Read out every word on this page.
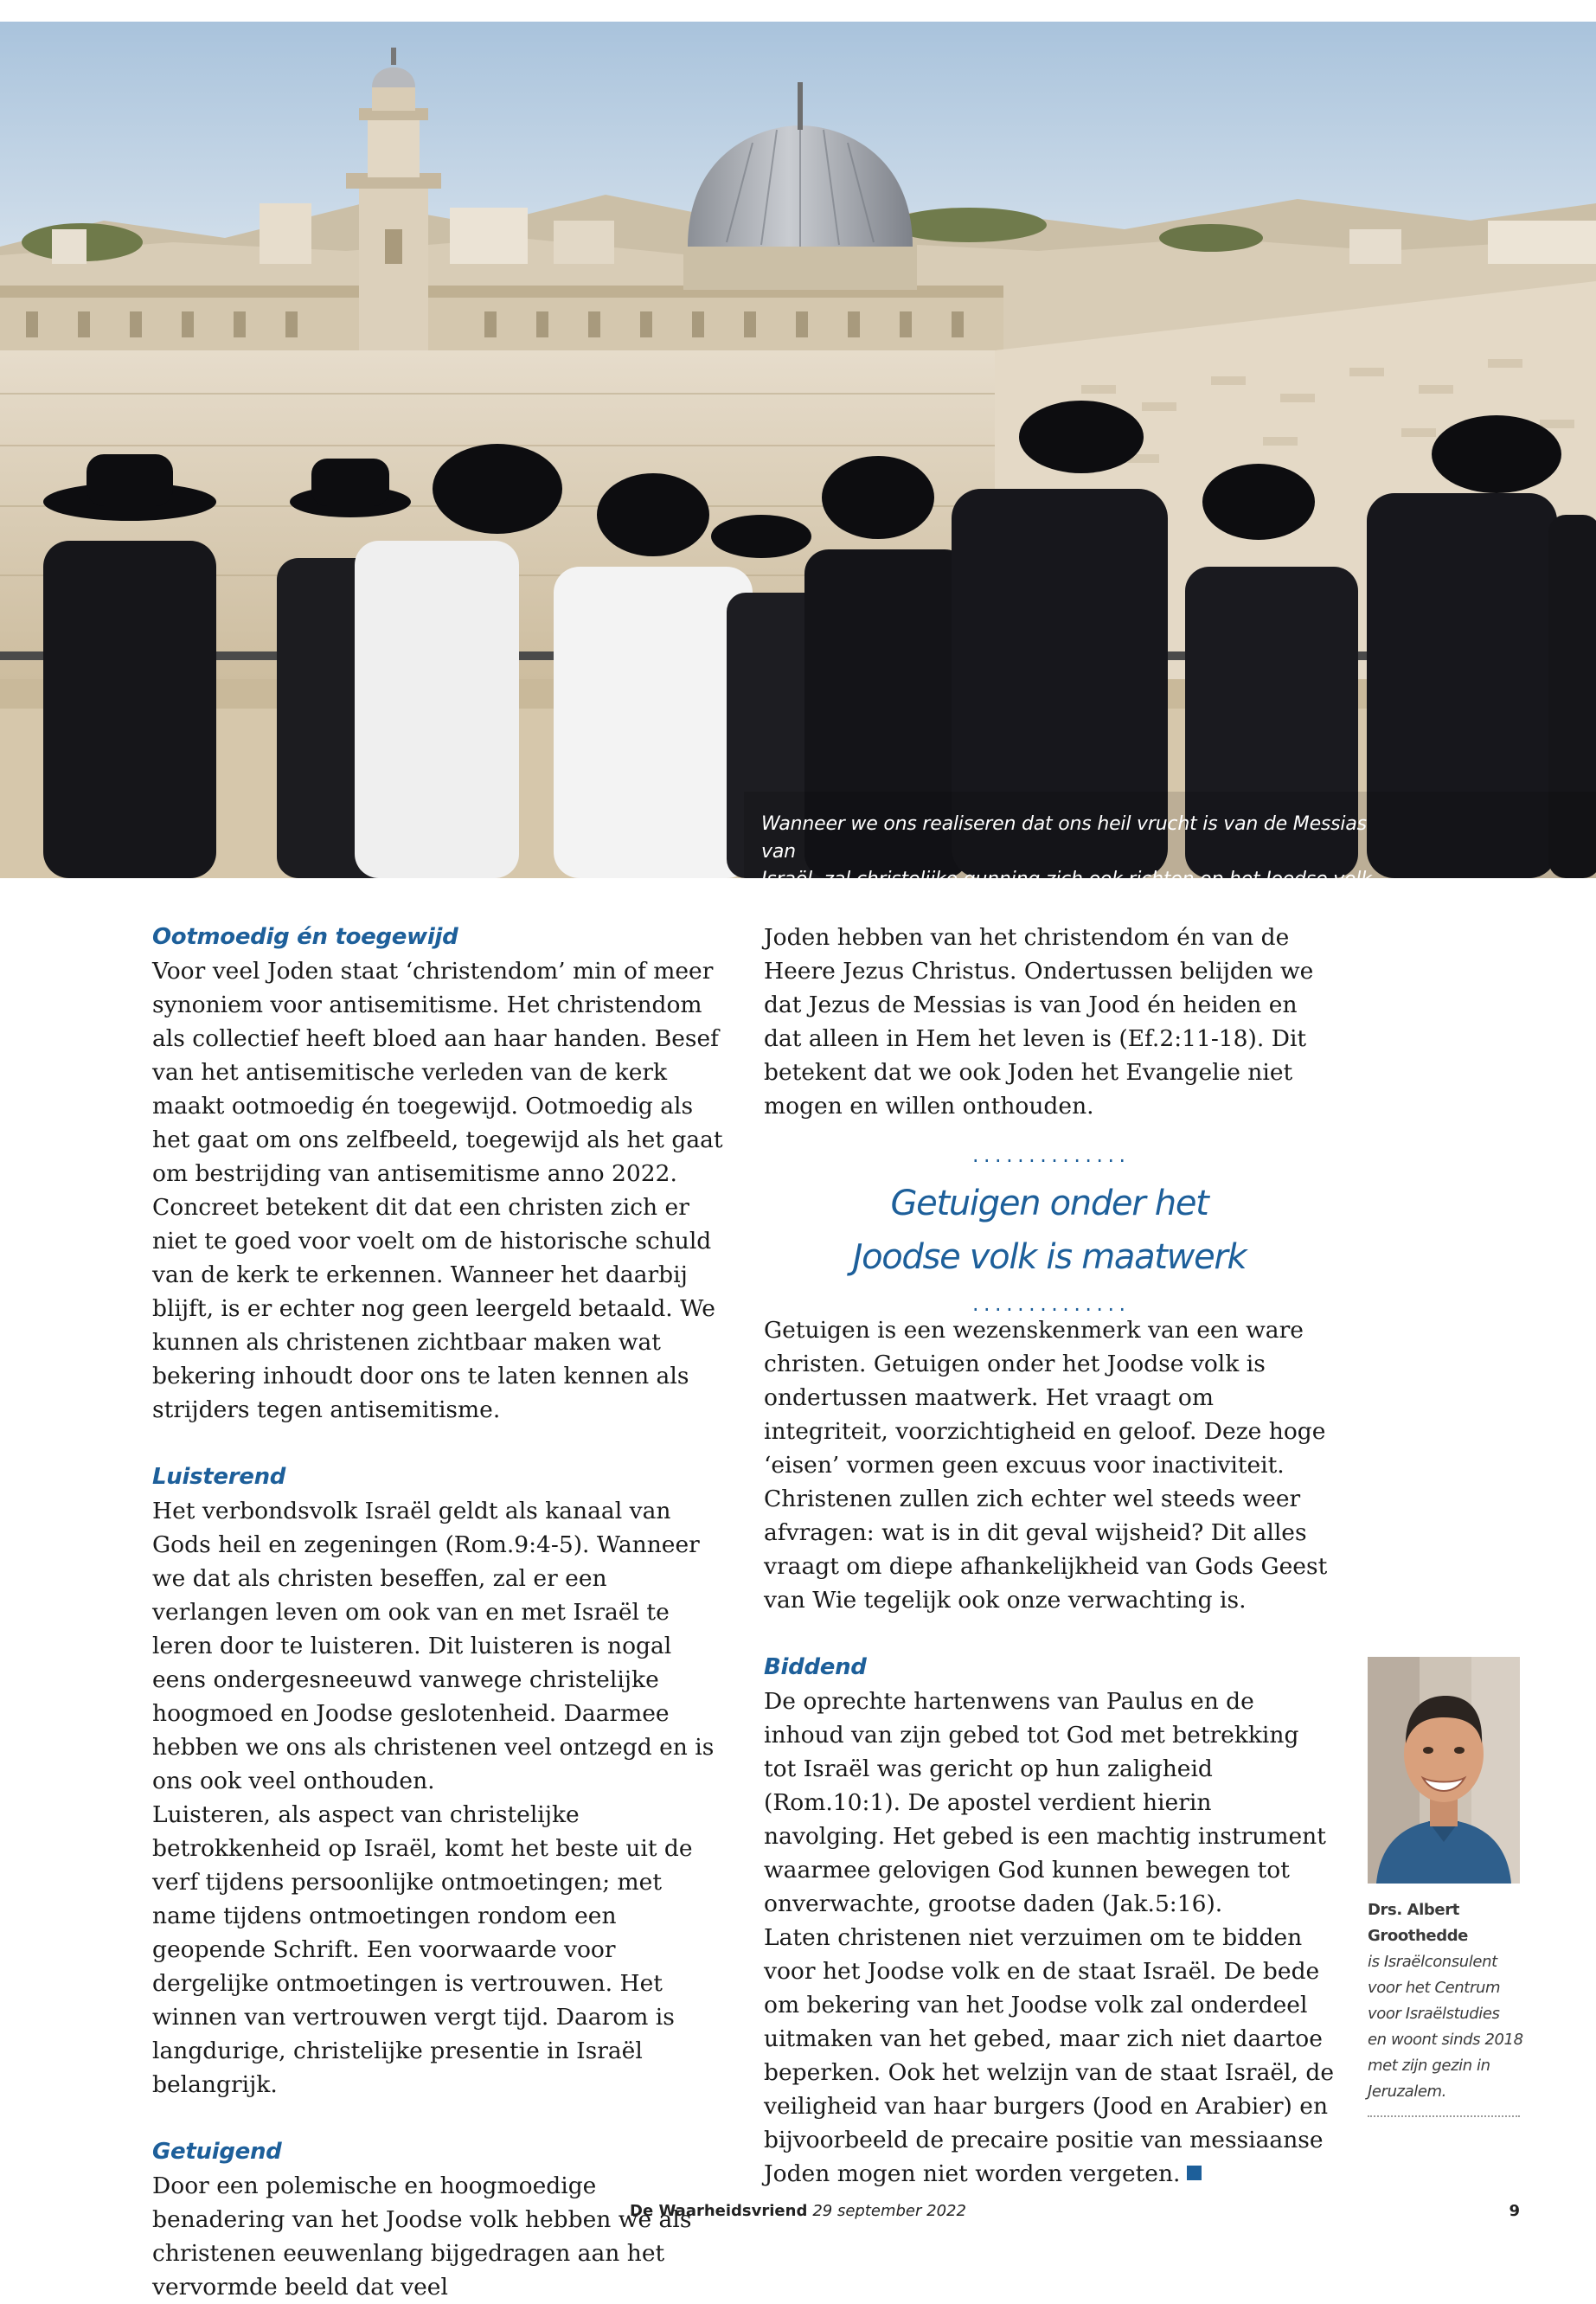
Wanneer we ons realiseren dat ons heil vrucht is van de Messias van
Israël, zal christelijke gunning zich ook richten op het Joodse volk.
Ootmoedig én toegewijd

Voor veel Joden staat ‘christendom’ min of meer synoniem voor antisemitisme. Het christendom als collectief heeft bloed aan haar handen. Besef van het antisemitische verleden van de kerk maakt ootmoedig én toegewijd. Ootmoedig als het gaat om ons zelfbeeld, toegewijd als het gaat om bestrijding van antisemitisme anno 2022.

Concreet betekent dit dat een christen zich er niet te goed voor voelt om de historische schuld van de kerk te erkennen. Wanneer het daarbij blijft, is er echter nog geen leergeld betaald. We kunnen als christenen zichtbaar maken wat bekering inhoudt door ons te laten kennen als strijders tegen antisemitisme.

Luisterend

Het verbondsvolk Israël geldt als kanaal van Gods heil en zegeningen (Rom.9:4-5). Wanneer we dat als christen beseffen, zal er een verlangen leven om ook van en met Israël te leren door te luisteren. Dit luisteren is nogal eens ondergesneeuwd vanwege christelijke hoogmoed en Joodse geslotenheid. Daarmee hebben we ons als christenen veel ontzegd en is ons ook veel onthouden.

Luisteren, als aspect van christelijke betrokkenheid op Israël, komt het beste uit de verf tijdens persoonlijke ontmoetingen; met name tijdens ontmoetingen rondom een geopende Schrift. Een voorwaarde voor dergelijke ontmoetingen is vertrouwen. Het winnen van vertrouwen vergt tijd. Daarom is langdurige, christelijke presentie in Israël belangrijk.

Getuigend

Door een polemische en hoogmoedige benadering van het Joodse volk hebben we als christenen eeuwenlang bijgedragen aan het vervormde beeld dat veel

Joden hebben van het christendom én van de Heere Jezus Christus. Ondertussen belijden we dat Jezus de Messias is van Jood én heiden en dat alleen in Hem het leven is (Ef.2:11-18). Dit betekent dat we ook Joden het Evangelie niet mogen en willen onthouden.

..............
Getuigen onder het
Joodse volk is maatwerk
..............

Getuigen is een wezenskenmerk van een ware christen. Getuigen onder het Joodse volk is ondertussen maatwerk. Het vraagt om integriteit, voorzichtigheid en geloof. Deze hoge ‘eisen’ vormen geen excuus voor inactiviteit. Christenen zullen zich echter wel steeds weer afvragen: wat is in dit geval wijsheid? Dit alles vraagt om diepe afhankelijkheid van Gods Geest van Wie tegelijk ook onze verwachting is.

Biddend

De oprechte hartenwens van Paulus en de inhoud van zijn gebed tot God met betrekking tot Israël was gericht op hun zaligheid (Rom.10:1). De apostel verdient hierin navolging. Het gebed is een machtig instrument waarmee gelovigen God kunnen bewegen tot onverwachte, grootse daden (Jak.5:16).

Laten christenen niet verzuimen om te bidden voor het Joodse volk en de staat Israël. De bede om bekering van het Joodse volk zal onderdeel uitmaken van het gebed, maar zich niet daartoe beperken. Ook het welzijn van de staat Israël, de veiligheid van haar burgers (Jood en Arabier) en bijvoorbeeld de precaire positie van messiaanse Joden mogen niet worden vergeten.

Drs. Albert
Groothedde
is Israëlconsulent
voor het Centrum
voor Israëlstudies
en woont sinds 2018
met zijn gezin in
Jeruzalem.
De Waarheidsvriend 29 september 2022	9
